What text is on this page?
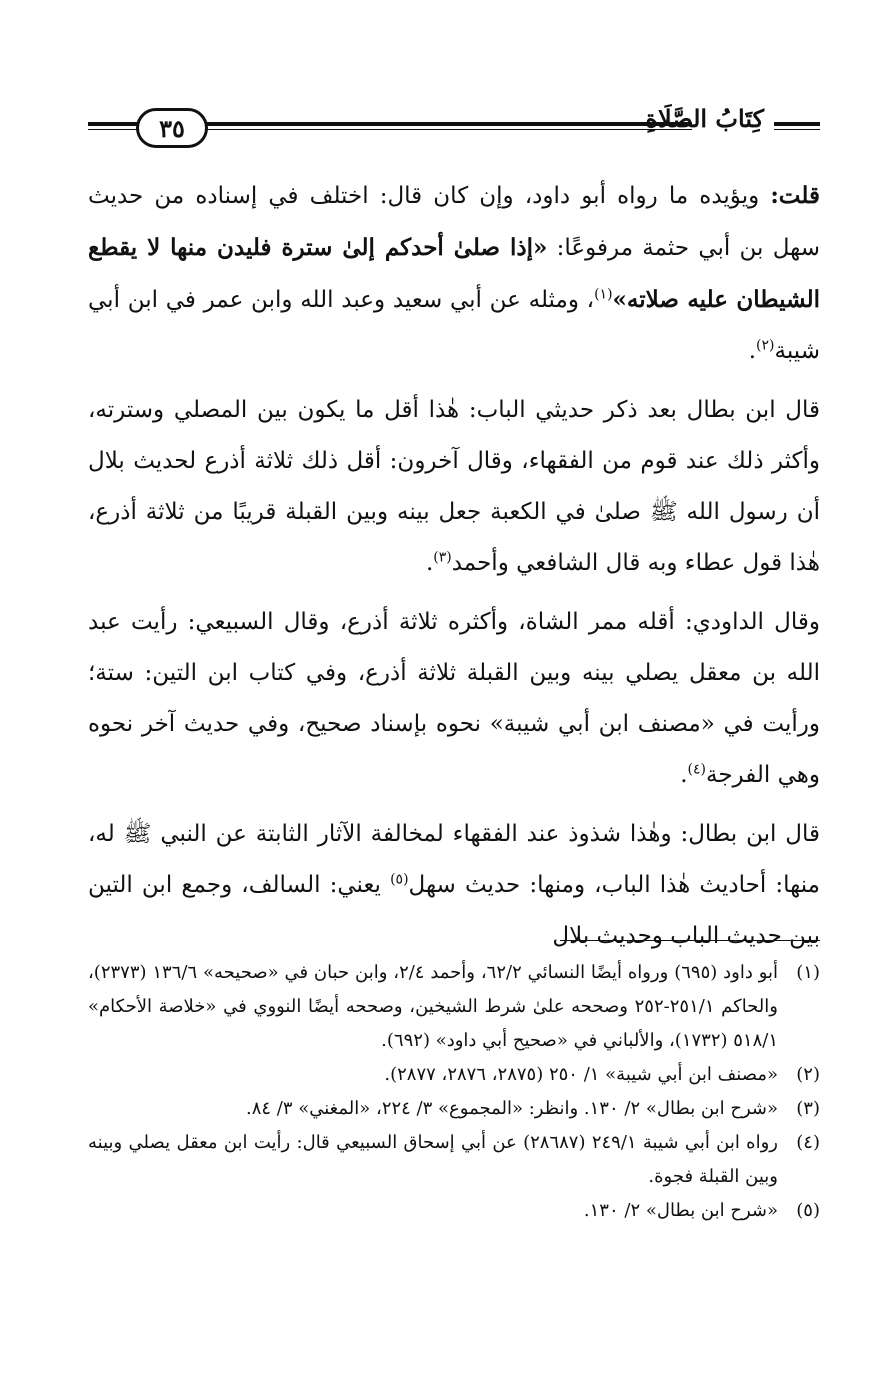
٣٥	كِتَابُ الصَّلَاةِ

قلت: ويؤيده ما رواه أبو داود، وإن كان قال: اختلف في إسناده من حديث سهل بن أبي حثمة مرفوعًا: «إذا صلىٰ أحدكم إلىٰ سترة فليدن منها لا يقطع الشيطان عليه صلاته»$^{(١)}$، ومثله عن أبي سعيد وعبد الله وابن عمر في ابن أبي شيبة$^{(٢)}$.

قال ابن بطال بعد ذكر حديثي الباب: هٰذا أقل ما يكون بين المصلي وسترته، وأكثر ذلك عند قوم من الفقهاء، وقال آخرون: أقل ذلك ثلاثة أذرع لحديث بلال أن رسول الله ﷺ صلىٰ في الكعبة جعل بينه وبين القبلة قريبًا من ثلاثة أذرع، هٰذا قول عطاء وبه قال الشافعي وأحمد$^{(٣)}$.

وقال الداودي: أقله ممر الشاة، وأكثره ثلاثة أذرع، وقال السبيعي: رأيت عبد الله بن معقل يصلي بينه وبين القبلة ثلاثة أذرع، وفي كتاب ابن التين: ستة؛ ورأيت في «مصنف ابن أبي شيبة» نحوه بإسناد صحيح، وفي حديث آخر نحوه وهي الفرجة$^{(٤)}$.

قال ابن بطال: وهٰذا شذوذ عند الفقهاء لمخالفة الآثار الثابتة عن النبي ﷺ له، منها: أحاديث هٰذا الباب، ومنها: حديث سهل$^{(٥)}$ يعني: السالف، وجمع ابن التين بين حديث الباب وحديث بلال

(١)
أبو داود (٦٩٥) ورواه أيضًا النسائي ٦٢/٢، وأحمد ٢/٤، وابن حبان في «صحيحه» ١٣٦/٦ (٢٣٧٣)، والحاكم ٢٥١/١-٢٥٢ وصححه علىٰ شرط الشيخين، وصححه أيضًا النووي في «خلاصة الأحكام» ٥١٨/١ (١٧٣٢)، والألباني في «صحيح أبي داود» (٦٩٢).
(٢)
«مصنف ابن أبي شيبة» ١/ ٢٥٠ (٢٨٧٥، ٢٨٧٦، ٢٨٧٧).
(٣)
«شرح ابن بطال» ٢/ ١٣٠. وانظر: «المجموع» ٣/ ٢٢٤، «المغني» ٣/ ٨٤.
(٤)
رواه ابن أبي شيبة ٢٤٩/١ (٢٨٦٨٧) عن أبي إسحاق السبيعي قال: رأيت ابن معقل يصلي وبينه وبين القبلة فجوة.
(٥)
«شرح ابن بطال» ٢/ ١٣٠.
